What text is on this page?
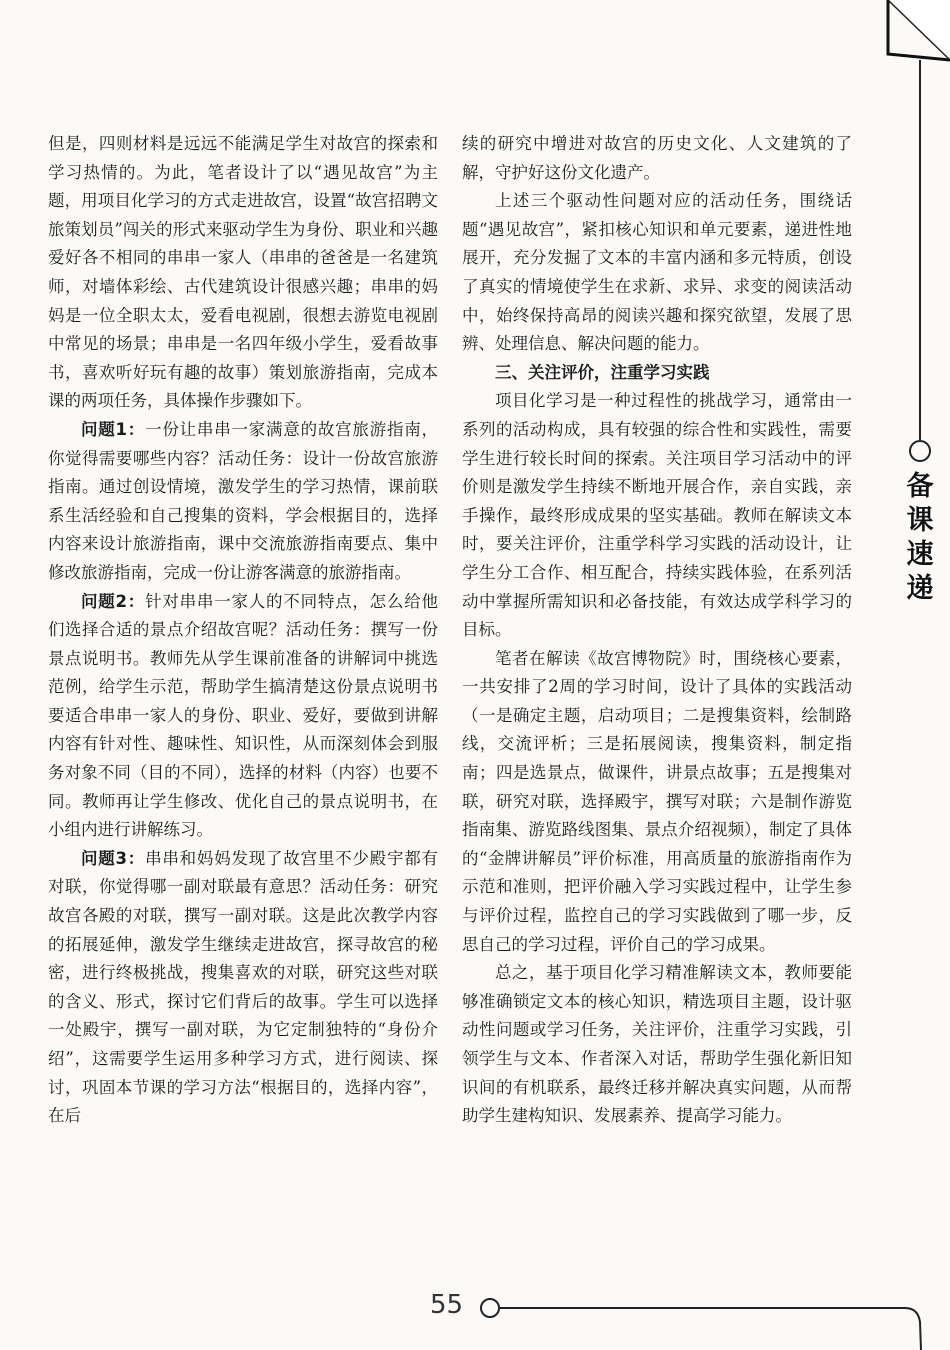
但是，四则材料是远远不能满足学生对故宫的探索和学习热情的。为此，笔者设计了以“遇见故宫”为主题，用项目化学习的方式走进故宫，设置“故宫招聘文旅策划员”闯关的形式来驱动学生为身份、职业和兴趣爱好各不相同的串串一家人（串串的爸爸是一名建筑师，对墙体彩绘、古代建筑设计很感兴趣；串串的妈妈是一位全职太太，爱看电视剧，很想去游览电视剧中常见的场景；串串是一名四年级小学生，爱看故事书，喜欢听好玩有趣的故事）策划旅游指南，完成本课的两项任务，具体操作步骤如下。

问题1：一份让串串一家满意的故宫旅游指南，你觉得需要哪些内容？活动任务：设计一份故宫旅游指南。通过创设情境，激发学生的学习热情，课前联系生活经验和自己搜集的资料，学会根据目的，选择内容来设计旅游指南，课中交流旅游指南要点、集中修改旅游指南，完成一份让游客满意的旅游指南。

问题2：针对串串一家人的不同特点，怎么给他们选择合适的景点介绍故宫呢？活动任务：撰写一份景点说明书。教师先从学生课前准备的讲解词中挑选范例，给学生示范，帮助学生搞清楚这份景点说明书要适合串串一家人的身份、职业、爱好，要做到讲解内容有针对性、趣味性、知识性，从而深刻体会到服务对象不同（目的不同），选择的材料（内容）也要不同。教师再让学生修改、优化自己的景点说明书，在小组内进行讲解练习。

问题3：串串和妈妈发现了故宫里不少殿宇都有对联，你觉得哪一副对联最有意思？活动任务：研究故宫各殿的对联，撰写一副对联。这是此次教学内容的拓展延伸，激发学生继续走进故宫，探寻故宫的秘密，进行终极挑战，搜集喜欢的对联，研究这些对联的含义、形式，探讨它们背后的故事。学生可以选择一处殿宇，撰写一副对联，为它定制独特的“身份介绍”，这需要学生运用多种学习方式，进行阅读、探讨，巩固本节课的学习方法“根据目的，选择内容”，在后

续的研究中增进对故宫的历史文化、人文建筑的了解，守护好这份文化遗产。

上述三个驱动性问题对应的活动任务，围绕话题“遇见故宫”，紧扣核心知识和单元要素，递进性地展开，充分发掘了文本的丰富内涵和多元特质，创设了真实的情境使学生在求新、求异、求变的阅读活动中，始终保持高昂的阅读兴趣和探究欲望，发展了思辨、处理信息、解决问题的能力。

三、关注评价，注重学习实践

项目化学习是一种过程性的挑战学习，通常由一系列的活动构成，具有较强的综合性和实践性，需要学生进行较长时间的探索。关注项目学习活动中的评价则是激发学生持续不断地开展合作，亲自实践，亲手操作，最终形成成果的坚实基础。教师在解读文本时，要关注评价，注重学科学习实践的活动设计，让学生分工合作、相互配合，持续实践体验，在系列活动中掌握所需知识和必备技能，有效达成学科学习的目标。

笔者在解读《故宫博物院》时，围绕核心要素，一共安排了2周的学习时间，设计了具体的实践活动（一是确定主题，启动项目；二是搜集资料，绘制路线，交流评析；三是拓展阅读，搜集资料，制定指南；四是选景点，做课件，讲景点故事；五是搜集对联，研究对联，选择殿宇，撰写对联；六是制作游览指南集、游览路线图集、景点介绍视频），制定了具体的“金牌讲解员”评价标准，用高质量的旅游指南作为示范和准则，把评价融入学习实践过程中，让学生参与评价过程，监控自己的学习实践做到了哪一步，反思自己的学习过程，评价自己的学习成果。

总之，基于项目化学习精准解读文本，教师要能够准确锁定文本的核心知识，精选项目主题，设计驱动性问题或学习任务，关注评价，注重学习实践，引领学生与文本、作者深入对话，帮助学生强化新旧知识间的有机联系，最终迁移并解决真实问题，从而帮助学生建构知识、发展素养、提高学习能力。

备
课
速
递
55
